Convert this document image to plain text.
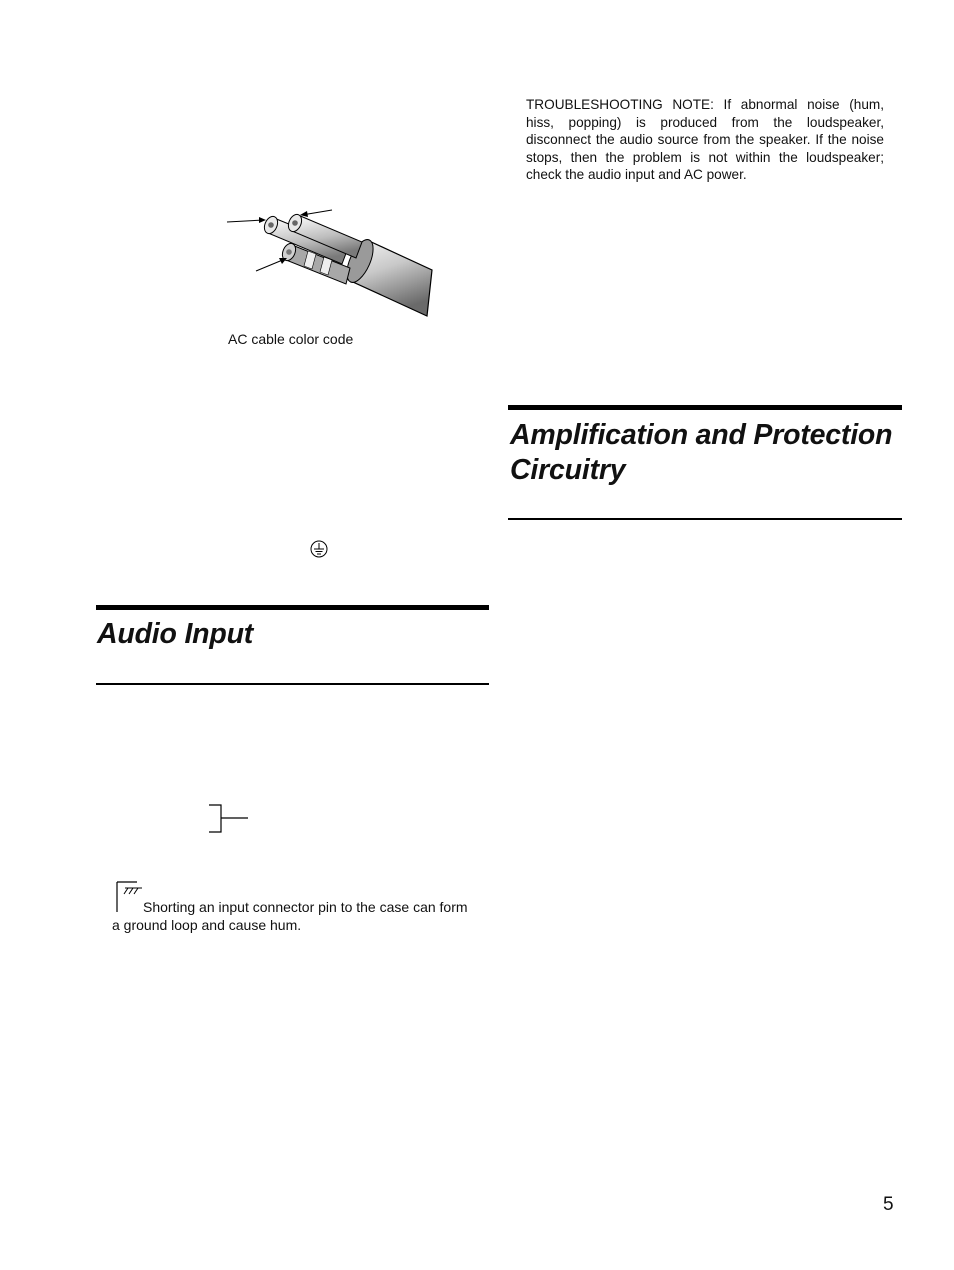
TROUBLESHOOTING NOTE: If abnormal noise (hum, hiss, popping) is produced from the loudspeaker, disconnect the audio source from the speaker. If the noise stops, then the problem is not within the loudspeaker; check the audio input and AC power.
AC cable color code
Amplification and Protection Circuitry
Audio Input
Shorting an input connector pin to the case can form a ground loop and cause hum.
5
